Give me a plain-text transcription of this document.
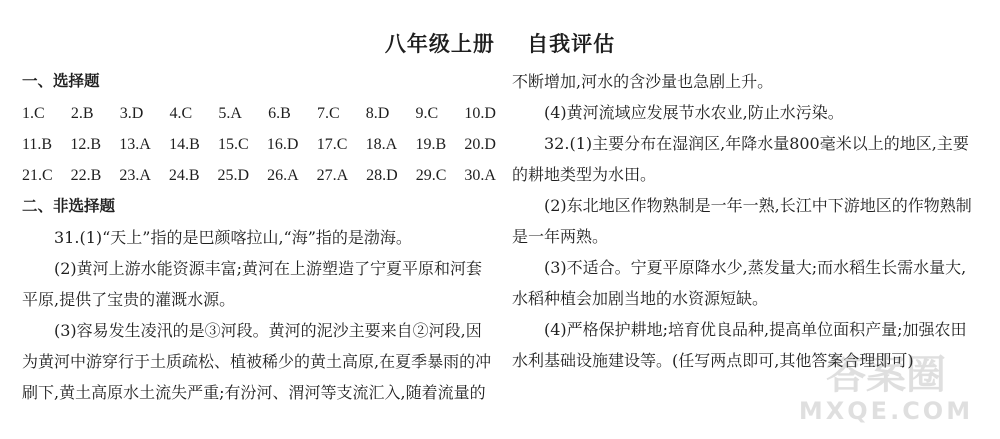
八年级上册 自我评估
一、选择题
1.C 2.B 3.D 4.C 5.A 6.B 7.C 8.D 9.C 10.D
11.B 12.B 13.A 14.B 15.C 16.D 17.C 18.A 19.B 20.D
21.C 22.B 23.A 24.B 25.D 26.A 27.A 28.D 29.C 30.A
二、非选择题
31.(1)“天上”指的是巴颜喀拉山,“海”指的是渤海。
(2)黄河上游水能资源丰富;黄河在上游塑造了宁夏平原和河套
平原,提供了宝贵的灌溉水源。
(3)容易发生凌汛的是③河段。黄河的泥沙主要来自②河段,因
为黄河中游穿行于土质疏松、植被稀少的黄土高原,在夏季暴雨的冲
刷下,黄土高原水土流失严重;有汾河、渭河等支流汇入,随着流量的
不断增加,河水的含沙量也急剧上升。
(4)黄河流域应发展节水农业,防止水污染。
32.(1)主要分布在湿润区,年降水量800毫米以上的地区,主要
的耕地类型为水田。
(2)东北地区作物熟制是一年一熟,长江中下游地区的作物熟制
是一年两熟。
(3)不适合。宁夏平原降水少,蒸发量大;而水稻生长需水量大,
水稻种植会加剧当地的水资源短缺。
(4)严格保护耕地;培育优良品种,提高单位面积产量;加强农田
水利基础设施建设等。(任写两点即可,其他答案合理即可)
答案圈
MXQE.COM
